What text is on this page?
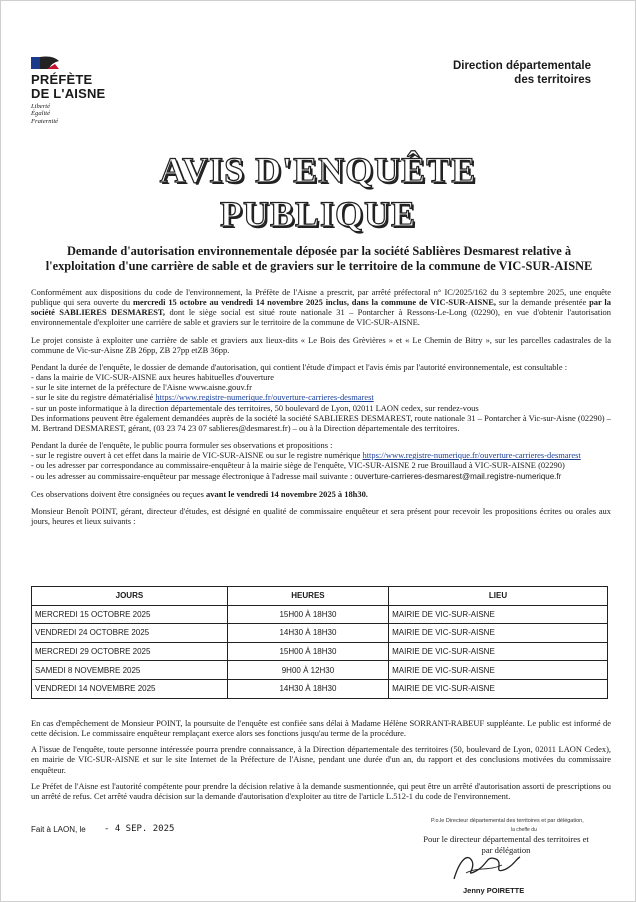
PRÉFÈTE
DE L'AISNE
Liberté
Égalité
Fraternité
Direction départementale
des territoires
AVIS D'ENQUÊTE
PUBLIQUE
Demande d'autorisation environnementale déposée par la société Sablières Desmarest relative à
l'exploitation d'une carrière de sable et de graviers sur le territoire de la commune de VIC-SUR-AISNE

Conformément aux dispositions du code de l'environnement, la Préfète de l'Aisne a prescrit, par arrêté préfectoral n° IC/2025/162 du 3 septembre 2025, une enquête publique qui sera ouverte du mercredi 15 octobre au vendredi 14 novembre 2025 inclus, dans la commune de VIC-SUR-AISNE, sur la demande présentée par la société SABLIERES DESMAREST, dont le siège social est situé route nationale 31 – Pontarcher à Ressons-Le-Long (02290), en vue d'obtenir l'autorisation environnementale d'exploiter une carrière de sable et graviers sur le territoire de la commune de VIC-SUR-AISNE.

Le projet consiste à exploiter une carrière de sable et graviers aux lieux-dits « Le Bois des Grèvières » et « Le Chemin de Bitry », sur les parcelles cadastrales de la commune de Vic-sur-Aisne ZB 26pp, ZB 27pp etZB 36pp.

Pendant la durée de l'enquête, le dossier de demande d'autorisation, qui contient l'étude d'impact et l'avis émis par l'autorité environnementale, est consultable :
- dans la mairie de VIC-SUR-AISNE aux heures habituelles d'ouverture
- sur le site internet de la préfecture de l'Aisne www.aisne.gouv.fr
- sur le site du registre dématérialisé https://www.registre-numerique.fr/ouverture-carrieres-desmarest
- sur un poste informatique à la direction départementale des territoires, 50 boulevard de Lyon, 02011 LAON cedex, sur rendez-vous
Des informations peuvent être également demandées auprès de la société la société SABLIERES DESMAREST, route nationale 31 – Pontarcher à Vic-sur-Aisne (02290) – M. Bertrand DESMAREST, gérant, (03 23 74 23 07 sablieres@desmarest.fr) – ou à la Direction départementale des territoires.

Pendant la durée de l'enquête, le public pourra formuler ses observations et propositions :
- sur le registre ouvert à cet effet dans la mairie de VIC-SUR-AISNE ou sur le registre numérique https://www.registre-numerique.fr/ouverture-carrieres-desmarest
- ou les adresser par correspondance au commissaire-enquêteur à la mairie siège de l'enquête, VIC-SUR-AISNE 2 rue Brouillaud à VIC-SUR-AISNE (02290)
- ou les adresser au commissaire-enquêteur par message électronique à l'adresse mail suivante : ouverture-carrieres-desmarest@mail.registre-numerique.fr

Ces observations doivent être consignées ou reçues avant le vendredi 14 novembre 2025 à 18h30.

Monsieur Benoît POINT, gérant, directeur d'études, est désigné en qualité de commissaire enquêteur et sera présent pour recevoir les propositions écrites ou orales aux jours, heures et lieux suivants :

JOURS	HEURES	LIEU
MERCREDI 15 OCTOBRE 2025	15H00 À 18H30	MAIRIE DE VIC-SUR-AISNE
VENDREDI 24 OCTOBRE 2025	14H30 À 18H30	MAIRIE DE VIC-SUR-AISNE
MERCREDI 29 OCTOBRE 2025	15H00 À 18H30	MAIRIE DE VIC-SUR-AISNE
SAMEDI 8 NOVEMBRE 2025	9H00 À 12H30	MAIRIE DE VIC-SUR-AISNE
VENDREDI 14 NOVEMBRE 2025	14H30 À 18H30	MAIRIE DE VIC-SUR-AISNE

En cas d'empêchement de Monsieur POINT, la poursuite de l'enquête est confiée sans délai à Madame Hélène SORRANT-RABEUF suppléante. Le public est informé de cette décision. Le commissaire enquêteur remplaçant exerce alors ses fonctions jusqu'au terme de la procédure.

A l'issue de l'enquête, toute personne intéressée pourra prendre connaissance, à la Direction départementale des territoires (50, boulevard de Lyon, 02011 LAON Cedex), en mairie de VIC-SUR-AISNE et sur le site Internet de la Préfecture de l'Aisne, pendant une durée d'un an, du rapport et des conclusions motivées du commissaire enquêteur.

Le Préfet de l'Aisne est l'autorité compétente pour prendre la décision relative à la demande susmentionnée, qui peut être un arrêté d'autorisation assorti de prescriptions ou un arrêté de refus. Cet arrêté vaudra décision sur la demande d'autorisation d'exploiter au titre de l'article L.512-1 du code de l'environnement.

Fait à LAON, le - 4 SEP. 2025
P.o.le Directeur départemental des territoires et par délégation,
la cheffe du
Pour le directeur départemental des territoires et
par délégation
Jenny POIRETTE
